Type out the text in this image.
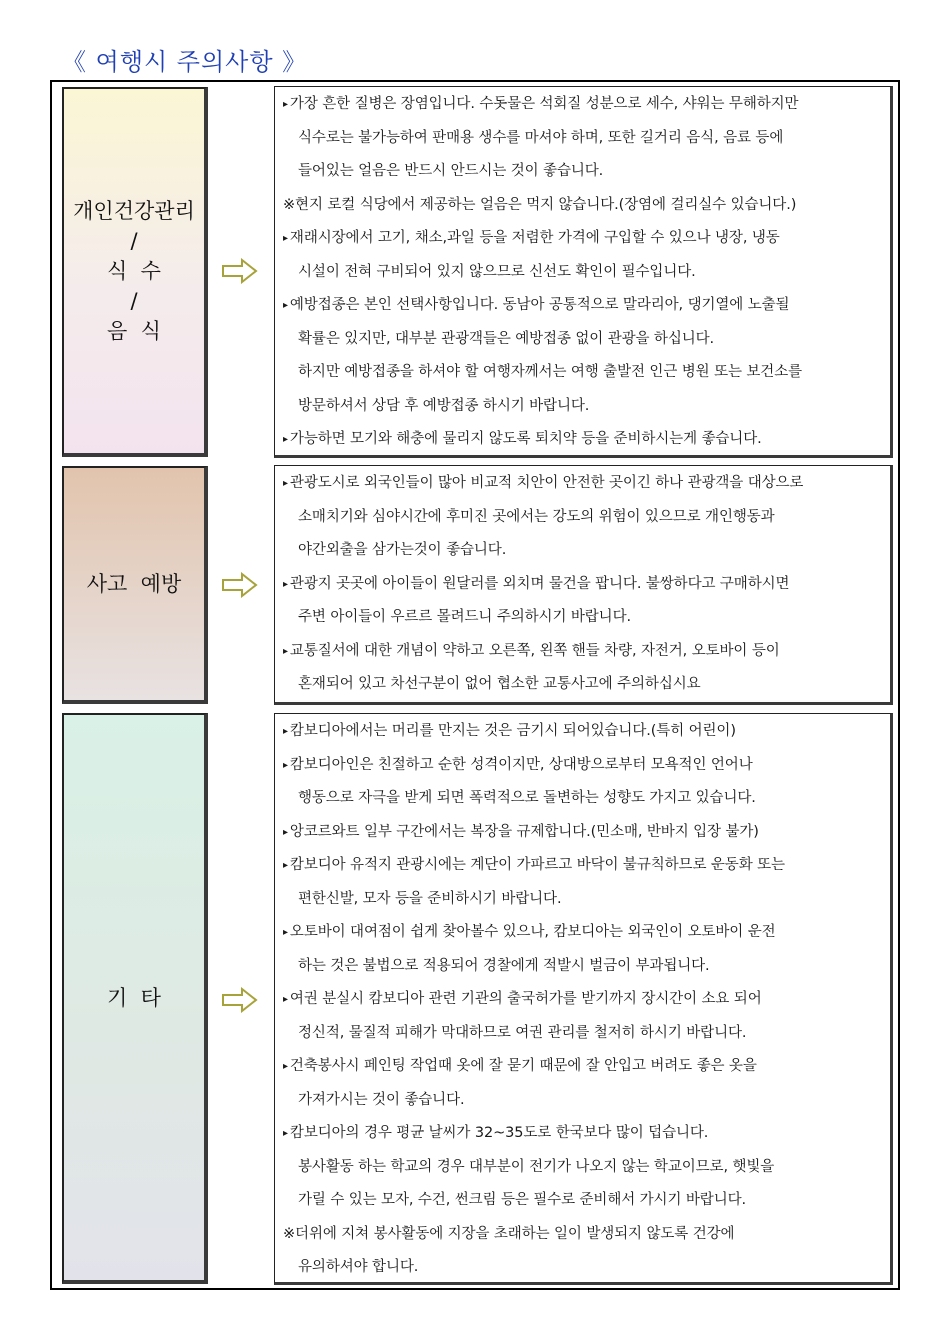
《 여행시 주의사항 》
개인건강관리
/
식  수
/
음  식
▸ 가장 흔한 질병은 장염입니다. 수돗물은 석회질 성분으로 세수, 샤워는 무해하지만
식수로는 불가능하여 판매용 생수를 마셔야 하며, 또한 길거리 음식, 음료 등에
들어있는 얼음은 반드시 안드시는 것이 좋습니다.
※현지 로컬 식당에서 제공하는 얼음은 먹지 않습니다.(장염에 걸리실수 있습니다.)
▸ 재래시장에서 고기, 채소,과일 등을 저렴한 가격에 구입할 수 있으나 냉장, 냉동
시설이 전혀 구비되어 있지 않으므로 신선도 확인이 필수입니다.
▸ 예방접종은 본인 선택사항입니다. 동남아 공통적으로 말라리아, 댕기열에 노출될
확률은 있지만, 대부분 관광객들은 예방접종 없이 관광을 하십니다.
하지만 예방접종을 하셔야 할 여행자께서는 여행 출발전 인근 병원 또는 보건소를
방문하셔서 상담 후 예방접종 하시기 바랍니다.
▸ 가능하면 모기와 해충에 물리지 않도록 퇴치약 등을 준비하시는게 좋습니다.
사고  예방
▸ 관광도시로 외국인들이 많아 비교적 치안이 안전한 곳이긴 하나 관광객을 대상으로
소매치기와 심야시간에 후미진 곳에서는 강도의 위험이 있으므로 개인행동과
야간외출을 삼가는것이 좋습니다.
▸ 관광지 곳곳에 아이들이 원달러를 외치며 물건을 팝니다. 불쌍하다고 구매하시면
주변 아이들이 우르르 몰려드니 주의하시기 바랍니다.
▸ 교통질서에 대한 개념이 약하고 오른쪽, 왼쪽 핸들 차량, 자전거, 오토바이 등이
혼재되어 있고 차선구분이 없어 협소한 교통사고에 주의하십시요
기  타
▸ 캄보디아에서는 머리를 만지는 것은 금기시 되어있습니다.(특히 어린이)
▸ 캄보디아인은 친절하고 순한 성격이지만, 상대방으로부터 모욕적인 언어나
행동으로 자극을 받게 되면 폭력적으로 돌변하는 성향도 가지고 있습니다.
▸ 앙코르와트 일부 구간에서는 복장을 규제합니다.(민소매, 반바지 입장 불가)
▸ 캄보디아 유적지 관광시에는 계단이 가파르고 바닥이 불규칙하므로 운동화 또는
편한신발, 모자 등을 준비하시기 바랍니다.
▸ 오토바이 대여점이 쉽게 찾아볼수 있으나, 캄보디아는 외국인이 오토바이 운전
하는 것은 불법으로 적용되어 경찰에게 적발시 벌금이 부과됩니다.
▸ 여권 분실시 캄보디아 관련 기관의 출국허가를 받기까지 장시간이 소요 되어
정신적, 물질적 피해가 막대하므로 여권 관리를 철저히 하시기 바랍니다.
▸ 건축봉사시 페인팅 작업때 옷에 잘 묻기 때문에 잘 안입고 버려도 좋은 옷을
가져가시는 것이 좋습니다.
▸ 캄보디아의 경우 평균 날씨가 32~35도로 한국보다 많이 덥습니다.
봉사활동 하는 학교의 경우 대부분이 전기가 나오지 않는 학교이므로, 햇빛을
가릴 수 있는 모자, 수건, 썬크림 등은 필수로 준비해서 가시기 바랍니다.
※더위에 지쳐 봉사활동에 지장을 초래하는 일이 발생되지 않도록 건강에
유의하셔야 합니다.
